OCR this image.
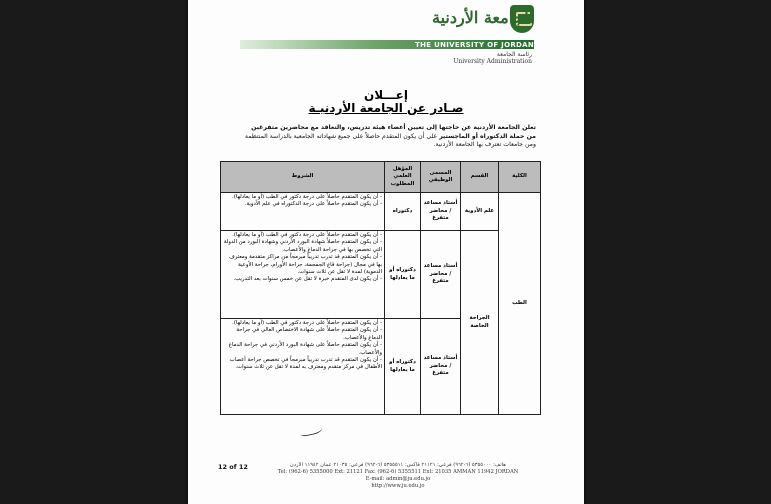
الجامعة الأردنية
THE UNIVERSITY OF JORDAN
رئاسة الجامعة
University Administration
إعـــلان
صـادر عن الجامعة الأردنيـة
تعلن الجامعة الأردنية عن حاجتها إلى تعيين أعضاء هيئة تدريس، والتعاقد مع محاضرين متفرغين من حملة الدكتوراه أو الماجستير على أن يكون المتقدم حاصلاً على جميع شهاداته الجامعية بالدراسة المنتظمة ومن جامعات تعترف بها الجامعة الأردنية.
الكلية	القسم	المسمى الوظيفي	المؤهل العلمي المطلوب	الشروط
الطب	علم الأدوية	أستاذ مساعد / محاضر متفرغ	دكتوراه	- أن يكون المتقدم حاصلاً على درجة دكتور في الطب (أو ما يعادلها).

- أن يكون المتقدم حاصلاً على درجة الدكتوراه في علم الأدوية.

	الجراحة الخاصة	أستاذ مساعد / محاضر متفرغ	دكتوراه أو ما يعادلها	- أن يكون المتقدم حاصلاً على درجة دكتور في الطب (أو ما يعادلها).

- أن يكون المتقدم حاصلاً شهادة البورد الأردني وشهادة البورد من الدولة التي تخصص بها في جراحة الدماغ والأعصاب.

- أن يكون المتقدم قد تدرب تدريباً مبرمجاً من مراكز متقدمة ومعترف بها في مجال (جراحة قاع الجمجمة، جراحة الأورام، جراحة الأوعية الدموية) لمدة لا تقل عن ثلاث سنوات.

- أن يكون لدى المتقدم خبرة لا تقل عن خمس سنوات بعد التدريب.

		أستاذ مساعد / محاضر متفرغ	دكتوراه أو ما يعادلها	- أن يكون المتقدم حاصلاً على درجة دكتور في الطب (أو ما يعادلها).

- أن يكون المتقدم حاصلاً على شهادة الاختصاص العالي في جراحة الدماغ والأعصاب.

- أن يكون المتقدم حاصلاً على شهادة البورد الأردني في جراحة الدماغ والأعصاب.

- أن يكون المتقدم قد تدرب تدريباً مبرمجاً في تخصص جراحة أعصاب الأطفال في مركز متقدم ومعترف به لمدة لا تقل عن ثلاث سنوات.

12 of 12	هاتف: ٥٣٥٥٠٠٠ (٦-٩٦٢) فرعي: ٢١١٢١ فاكس: ٥٣٥٥٥١١ (٦-٩٦٢) فرعي: ٢١٠٣٥ عمان ١١٩٤٢ الأردن
Tel: (962-6) 5355000 Ext: 21121 Fax: (962-6) 5355511 Ext: 21035 AMMAN 11942 JORDAN
E-mail: admin@ju.edu.jo
http://www.ju.edu.jo
